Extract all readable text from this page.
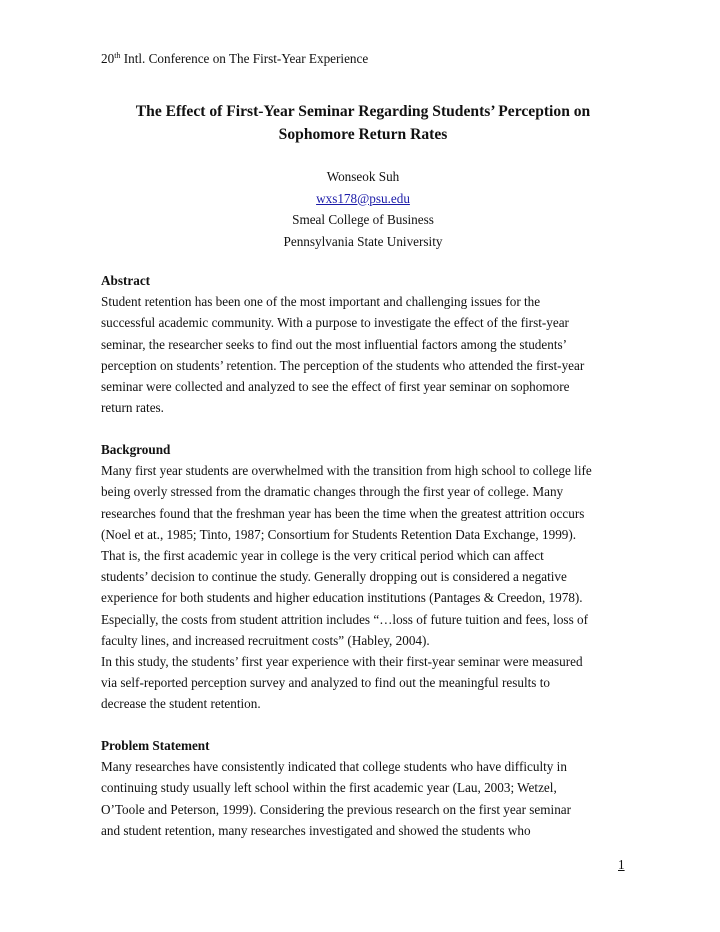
20th Intl. Conference on The First-Year Experience
The Effect of First-Year Seminar Regarding Students’ Perception on
Sophomore Return Rates
Wonseok Suh
wxs178@psu.edu
Smeal College of Business
Pennsylvania State University
Abstract

Student retention has been one of the most important and challenging issues for the

successful academic community. With a purpose to investigate the effect of the first-year

seminar, the researcher seeks to find out the most influential factors among the students’

perception on students’ retention. The perception of the students who attended the first-year

seminar were collected and analyzed to see the effect of first year seminar on sophomore

return rates.

Background

Many first year students are overwhelmed with the transition from high school to college life

being overly stressed from the dramatic changes through the first year of college. Many

researches found that the freshman year has been the time when the greatest attrition occurs

(Noel et at., 1985; Tinto, 1987; Consortium for Students Retention Data Exchange, 1999).

That is, the first academic year in college is the very critical period which can affect

students’ decision to continue the study. Generally dropping out is considered a negative

experience for both students and higher education institutions (Pantages & Creedon, 1978).

Especially, the costs from student attrition includes “…loss of future tuition and fees, loss of

faculty lines, and increased recruitment costs” (Habley, 2004).

In this study, the students’ first year experience with their first-year seminar were measured

via self-reported perception survey and analyzed to find out the meaningful results to

decrease the student retention.

Problem Statement

Many researches have consistently indicated that college students who have difficulty in

continuing study usually left school within the first academic year (Lau, 2003; Wetzel,

O’Toole and Peterson, 1999). Considering the previous research on the first year seminar

and student retention, many researches investigated and showed the students who

1
